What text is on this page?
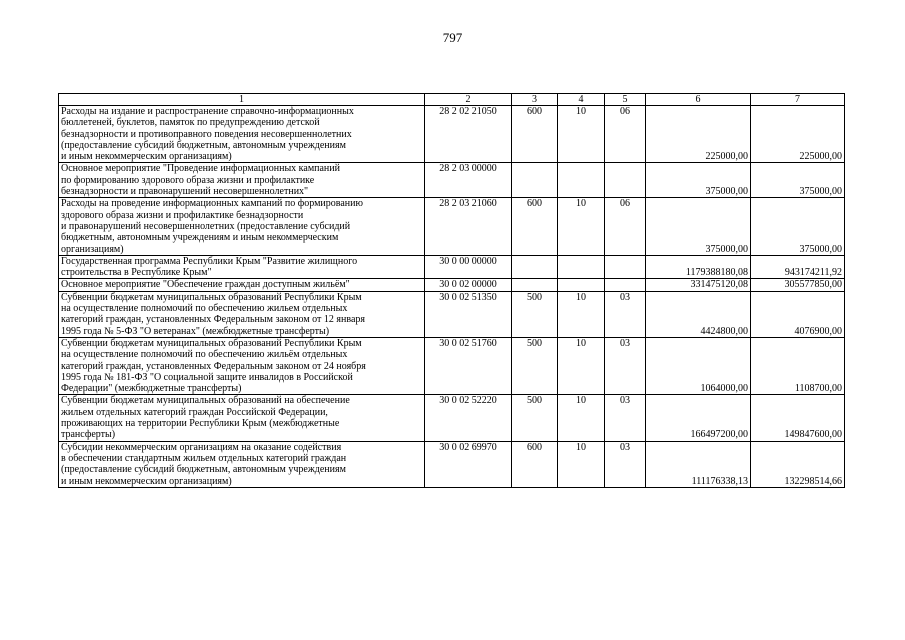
797
1	2	3	4	5	6	7

Расходы на издание и распространение справочно-информационных
бюллетеней, буклетов, памяток по предупреждению детской
безнадзорности и противоправного поведения несовершеннолетних
(предоставление субсидий бюджетным, автономным учреждениям
и иным некоммерческим организациям)	28 2 02 21050	600	10	06	225000,00	225000,00

Основное мероприятие "Проведение информационных кампаний
по формированию здорового образа жизни и профилактике
безнадзорности и правонарушений несовершеннолетних"	28 2 03 00000				375000,00	375000,00

Расходы на проведение информационных кампаний по формированию
здорового образа жизни и профилактике безнадзорности
и правонарушений несовершеннолетних (предоставление субсидий
бюджетным, автономным учреждениям и иным некоммерческим
организациям)	28 2 03 21060	600	10	06	375000,00	375000,00

Государственная программа Республики Крым "Развитие жилищного
строительства в Республике Крым"	30 0 00 00000				1179388180,08	943174211,92

Основное мероприятие "Обеспечение граждан доступным жильём"	30 0 02 00000				331475120,08	305577850,00

Субвенции бюджетам муниципальных образований Республики Крым
на осуществление полномочий по обеспечению жильем отдельных
категорий граждан, установленных Федеральным законом от 12 января
1995 года № 5-ФЗ "О ветеранах" (межбюджетные трансферты)	30 0 02 51350	500	10	03	4424800,00	4076900,00

Субвенции бюджетам муниципальных образований Республики Крым
на осуществление полномочий по обеспечению жильём отдельных
категорий граждан, установленных Федеральным законом от 24 ноября
1995 года № 181-ФЗ "О социальной защите инвалидов в Российской
Федерации" (межбюджетные трансферты)	30 0 02 51760	500	10	03	1064000,00	1108700,00

Субвенции бюджетам муниципальных образований на обеспечение
жильем отдельных категорий граждан Российской Федерации,
проживающих на территории Республики Крым (межбюджетные
трансферты)	30 0 02 52220	500	10	03	166497200,00	149847600,00

Субсидии некоммерческим организациям на оказание содействия
в обеспечении стандартным жильем отдельных категорий граждан
(предоставление субсидий бюджетным, автономным учреждениям
и иным некоммерческим организациям)	30 0 02 69970	600	10	03	111176338,13	132298514,66
